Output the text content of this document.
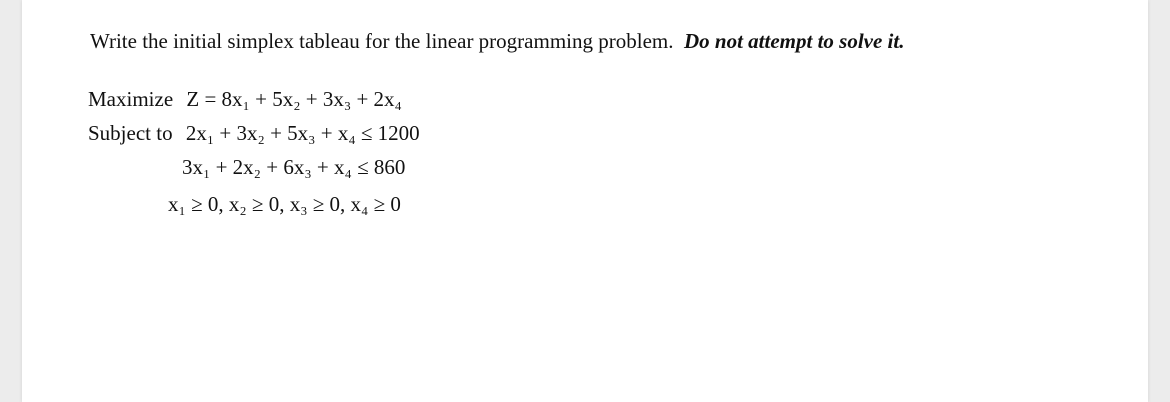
Write the initial simplex tableau for the linear programming problem. Do not attempt to solve it.
Maximize Z = 8x₁ + 5x₂ + 3x₃ + 2x₄
Subject to 2x₁ + 3x₂ + 5x₃ + x₄ ≤ 1200
3x₁ + 2x₂ + 6x₃ + x₄ ≤ 860
x₁ ≥ 0, x₂ ≥ 0, x₃ ≥ 0, x₄ ≥ 0
